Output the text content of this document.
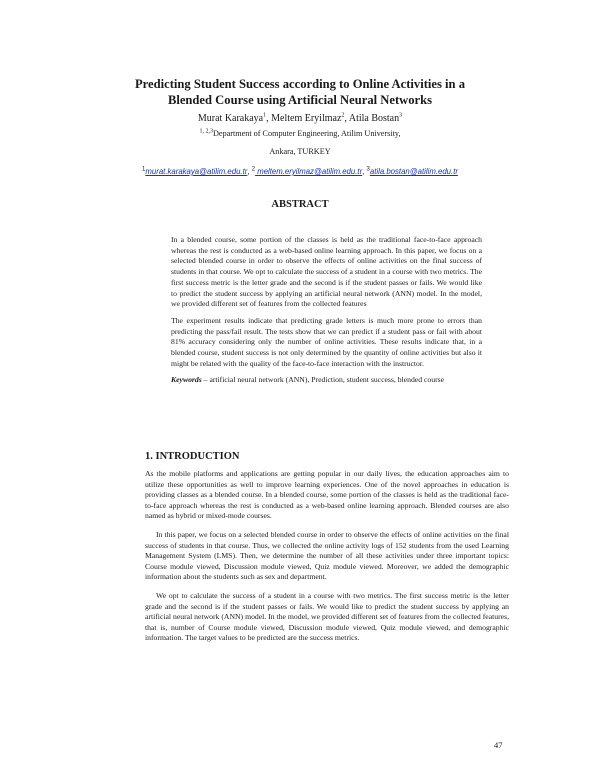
Predicting Student Success according to Online Activities in a
Blended Course using Artificial Neural Networks
Murat Karakaya$^1$, Meltem Eryilmaz$^2$, Atila Bostan$^3$
$^{1, 2,3}$Department of Computer Engineering, Atilim University,
Ankara, TURKEY
$^1$murat.karakaya@atilim.edu.tr, $^2$ meltem.eryilmaz@atilim.edu.tr, $^3$atila.bostan@atilim.edu.tr
ABSTRACT

In a blended course, some portion of the classes is held as the traditional face-to-face approach whereas the rest is conducted as a web-based online learning approach. In this paper, we focus on a selected blended course in order to observe the effects of online activities on the final success of students in that course. We opt to calculate the success of a student in a course with two metrics. The first success metric is the letter grade and the second is if the student passes or fails. We would like to predict the student success by applying an artificial neural network (ANN) model. In the model, we provided different set of features from the collected features

The experiment results indicate that predicting grade letters is much more prone to errors than predicting the pass/fail result. The tests show that we can predict if a student pass or fail with about 81% accuracy considering only the number of online activities. These results indicate that, in a blended course, student success is not only determined by the quantity of online activities but also it might be related with the quality of the face-to-face interaction with the instructor.

Keywords – artificial neural network (ANN), Prediction, student success, blended course

1. INTRODUCTION

As the mobile platforms and applications are getting popular in our daily lives, the education approaches aim to utilize these opportunities as well to improve learning experiences. One of the novel approaches in education is providing classes as a blended course. In a blended course, some portion of the classes is held as the traditional face-to-face approach whereas the rest is conducted as a web-based online learning approach. Blended courses are also named as hybrid or mixed-mode courses.

In this paper, we focus on a selected blended course in order to observe the effects of online activities on the final success of students in that course. Thus, we collected the online activity logs of 152 students from the used Learning Management System (LMS). Then, we determine the number of all these activities under three important topics: Course module viewed, Discussion module viewed, Quiz module viewed. Moreover, we added the demographic information about the students such as sex and department.

We opt to calculate the success of a student in a course with two metrics. The first success metric is the letter grade and the second is if the student passes or fails. We would like to predict the student success by applying an artificial neural network (ANN) model. In the model, we provided different set of features from the collected features, that is, number of Course module viewed, Discussion module viewed, Quiz module viewed, and demographic information. The target values to be predicted are the success metrics.

47
